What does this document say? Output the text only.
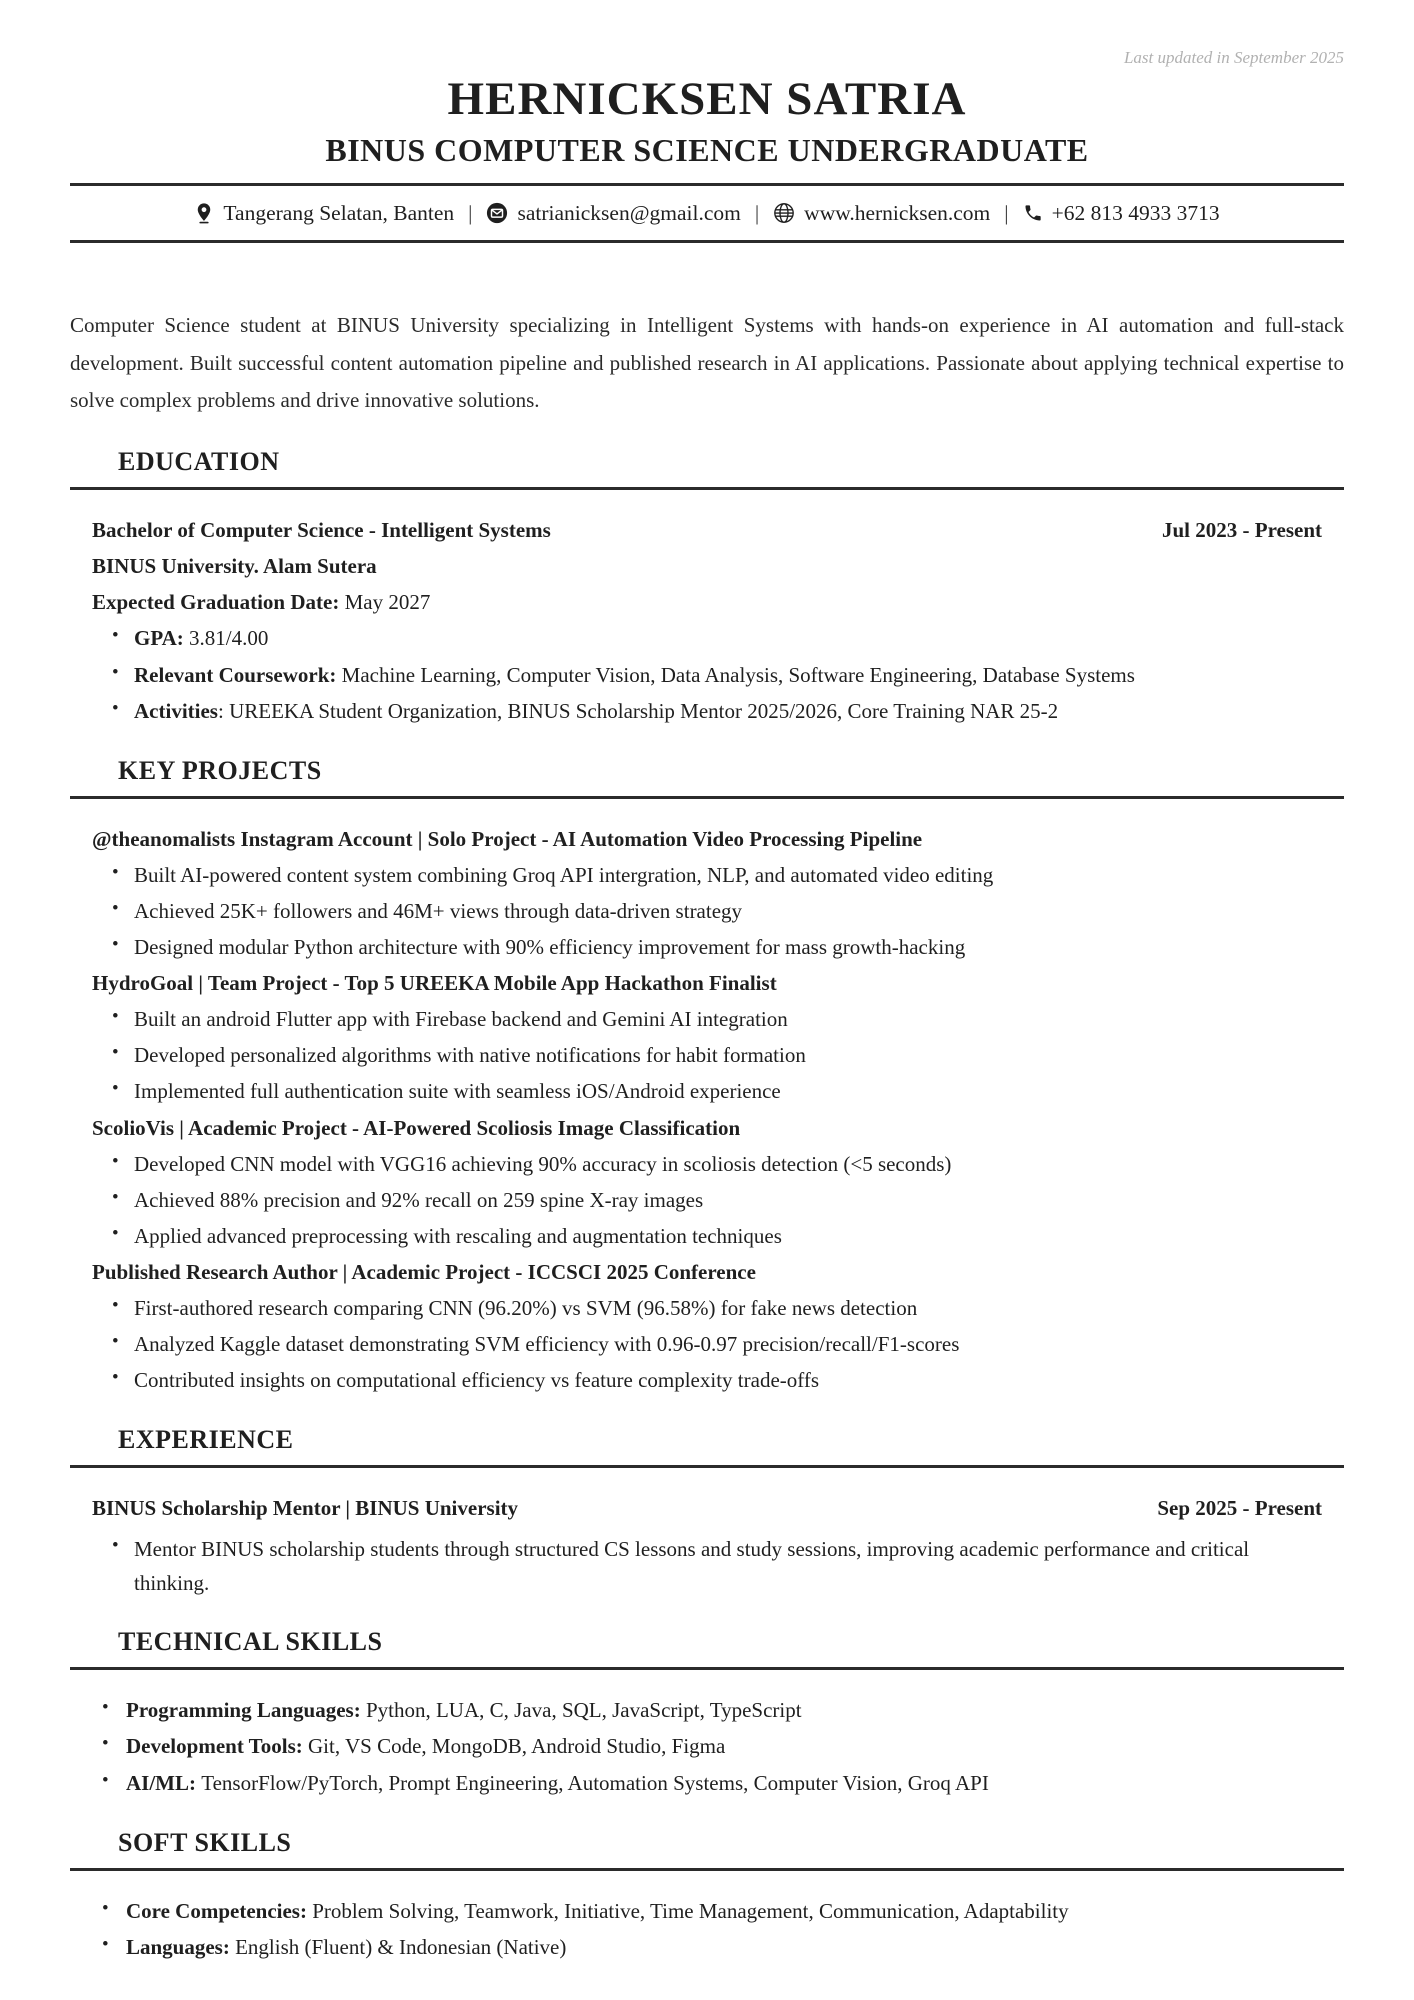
Last updated in September 2025
HERNICKSEN SATRIA
BINUS COMPUTER SCIENCE UNDERGRADUATE
Tangerang Selatan, Banten | satrianicksen@gmail.com | www.hernicksen.com | +62 813 4933 3713

Computer Science student at BINUS University specializing in Intelligent Systems with hands-on experience in AI automation and full-stack development. Built successful content automation pipeline and published research in AI applications. Passionate about applying technical expertise to solve complex problems and drive innovative solutions.

EDUCATION
Bachelor of Computer Science - Intelligent Systems	Jul 2023 - Present
BINUS University. Alam Sutera
Expected Graduation Date: May 2027
• GPA: 3.81/4.00
• Relevant Coursework: Machine Learning, Computer Vision, Data Analysis, Software Engineering, Database Systems
• Activities: UREEKA Student Organization, BINUS Scholarship Mentor 2025/2026, Core Training NAR 25-2
KEY PROJECTS
@theanomalists Instagram Account | Solo Project - AI Automation Video Processing Pipeline
• Built AI-powered content system combining Groq API intergration, NLP, and automated video editing
• Achieved 25K+ followers and 46M+ views through data-driven strategy
• Designed modular Python architecture with 90% efficiency improvement for mass growth-hacking
HydroGoal | Team Project - Top 5 UREEKA Mobile App Hackathon Finalist
• Built an android Flutter app with Firebase backend and Gemini AI integration
• Developed personalized algorithms with native notifications for habit formation
• Implemented full authentication suite with seamless iOS/Android experience
ScolioVis | Academic Project - AI-Powered Scoliosis Image Classification
• Developed CNN model with VGG16 achieving 90% accuracy in scoliosis detection (<5 seconds)
• Achieved 88% precision and 92% recall on 259 spine X-ray images
• Applied advanced preprocessing with rescaling and augmentation techniques
Published Research Author | Academic Project - ICCSCI 2025 Conference
• First-authored research comparing CNN (96.20%) vs SVM (96.58%) for fake news detection
• Analyzed Kaggle dataset demonstrating SVM efficiency with 0.96-0.97 precision/recall/F1-scores
• Contributed insights on computational efficiency vs feature complexity trade-offs
EXPERIENCE
BINUS Scholarship Mentor | BINUS University	Sep 2025 - Present
• Mentor BINUS scholarship students through structured CS lessons and study sessions, improving academic performance and critical thinking.
TECHNICAL SKILLS
• Programming Languages: Python, LUA, C, Java, SQL, JavaScript, TypeScript
• Development Tools: Git, VS Code, MongoDB, Android Studio, Figma
• AI/ML: TensorFlow/PyTorch, Prompt Engineering, Automation Systems, Computer Vision, Groq API
SOFT SKILLS
• Core Competencies: Problem Solving, Teamwork, Initiative, Time Management, Communication, Adaptability
• Languages: English (Fluent) & Indonesian (Native)
